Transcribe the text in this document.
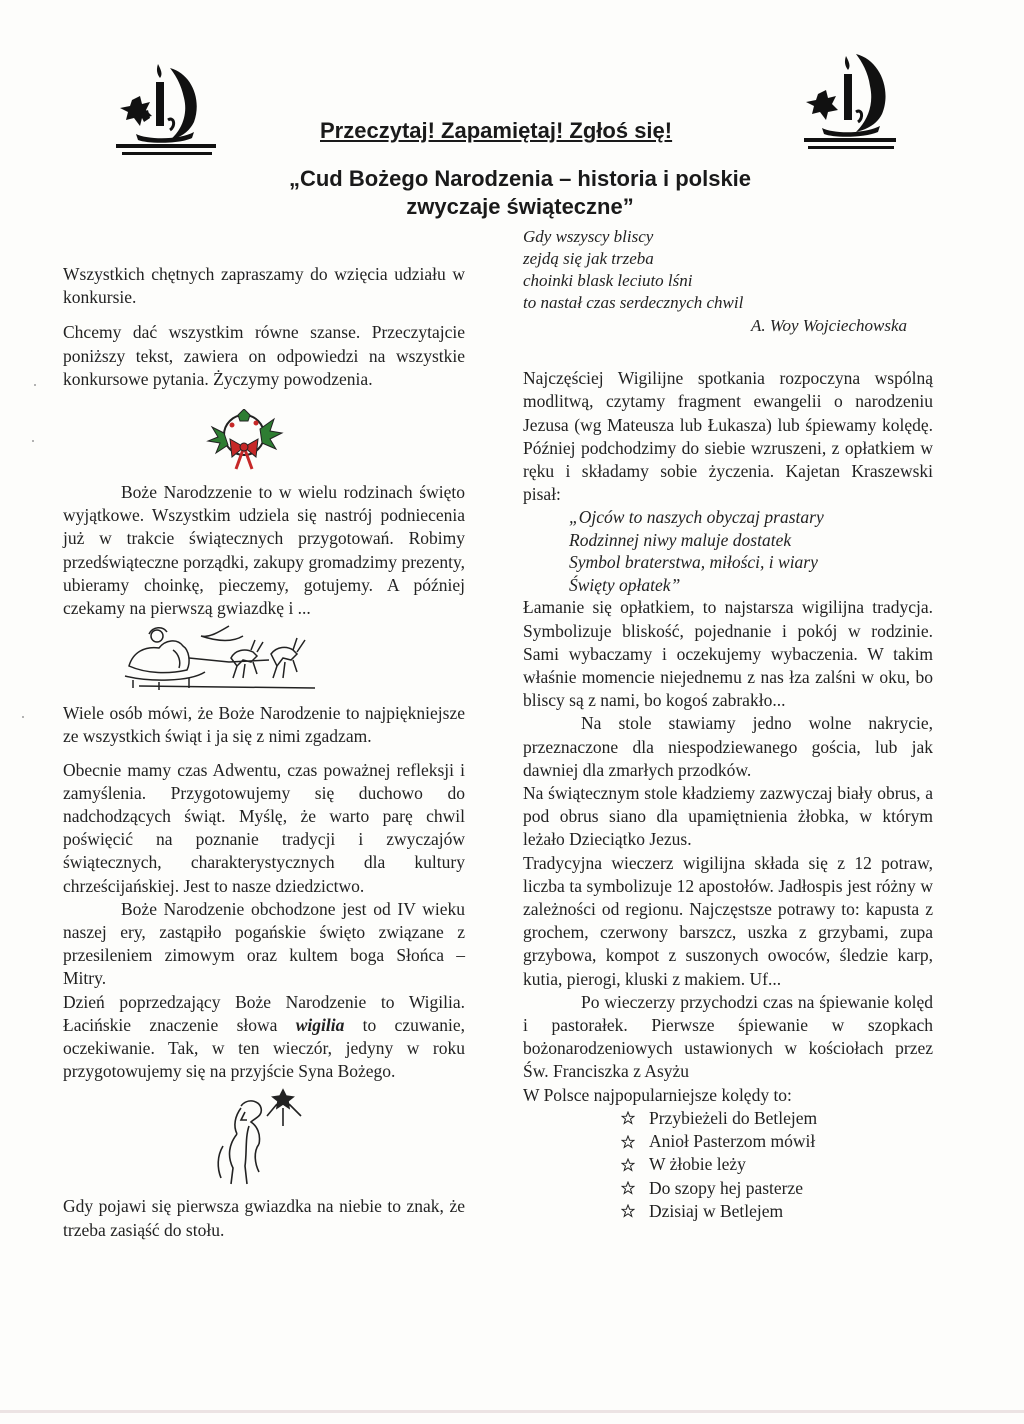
Przeczytaj! Zapamiętaj! Zgłoś się!
„Cud Bożego Narodzenia – historia i polskie
zwyczaje świąteczne”

Wszystkich chętnych zapraszamy do wzięcia udziału w konkursie.

Chcemy dać wszystkim równe szanse. Przeczytajcie poniższy tekst, zawiera on odpowiedzi na wszystkie konkursowe pytania. Życzymy powodzenia.

Boże Narodzzenie to w wielu rodzinach święto wyjątkowe. Wszystkim udziela się nastrój podniecenia już w trakcie świątecznych przygotowań. Robimy przedświąteczne porządki, zakupy gromadzimy prezenty, ubieramy choinkę, pieczemy, gotujemy. A później czekamy na pierwszą gwiazdkę i ...

Wiele osób mówi, że Boże Narodzenie to najpiękniejsze ze wszystkich świąt i ja się z nimi zgadzam.

Obecnie mamy czas Adwentu, czas poważnej refleksji i zamyślenia. Przygotowujemy się duchowo do nadchodzących świąt. Myślę, że warto parę chwil poświęcić na poznanie tradycji i zwyczajów świątecznych, charakterystycznych dla kultury chrześcijańskiej. Jest to nasze dziedzictwo.

Boże Narodzenie obchodzone jest od IV wieku naszej ery, zastąpiło pogańskie święto związane z przesileniem zimowym oraz kultem boga Słońca – Mitry.

Dzień poprzedzający Boże Narodzenie to Wigilia. Łacińskie znaczenie słowa wigilia to czuwanie, oczekiwanie. Tak, w ten wieczór, jedyny w roku przygotowujemy się na przyjście Syna Bożego.

Gdy pojawi się pierwsza gwiazdka na niebie to znak, że trzeba zasiąść do stołu.

Gdy wszyscy bliscy
zejdą się jak trzeba
choinki blask leciuto lśni
to nastał czas serdecznych chwil
A. Woy Wojciechowska

Najczęściej Wigilijne spotkania rozpoczyna wspólną modlitwą, czytamy fragment ewangelii o narodzeniu Jezusa (wg Mateusza lub Łukasza) lub śpiewamy kolędę. Później podchodzimy do siebie wzruszeni, z opłatkiem w ręku i składamy sobie życzenia. Kajetan Kraszewski pisał:

„Ojców to naszych obyczaj prastary
Rodzinnej niwy maluje dostatek
Symbol braterstwa, miłości, i wiary
Święty opłatek”

Łamanie się opłatkiem, to najstarsza wigilijna tradycja. Symbolizuje bliskość, pojednanie i pokój w rodzinie. Sami wybaczamy i oczekujemy wybaczenia. W takim właśnie momencie niejednemu z nas łza zalśni w oku, bo bliscy są z nami, bo kogoś zabrakło...

Na stole stawiamy jedno wolne nakrycie, przeznaczone dla niespodziewanego gościa, lub jak dawniej dla zmarłych przodków.

Na świątecznym stole kładziemy zazwyczaj biały obrus, a pod obrus siano dla upamiętnienia żłobka, w którym leżało Dzieciątko Jezus.

Tradycyjna wieczerz wigilijna składa się z 12 potraw, liczba ta symbolizuje 12 apostołów. Jadłospis jest różny w zależności od regionu. Najczęstsze potrawy to: kapusta z grochem, czerwony barszcz, uszka z grzybami, zupa grzybowa, kompot z suszonych owoców, śledzie karp, kutia, pierogi, kluski z makiem. Uf...

Po wieczerzy przychodzi czas na śpiewanie kolęd i pastorałek. Pierwsze śpiewanie w szopkach bożonarodzeniowych ustawionych w kościołach przez Św. Franciszka z Asyżu

W Polsce najpopularniejsze kolędy to:

Przybieżeli do Betlejem
Anioł Pasterzom mówił
W żłobie leży
Do szopy hej pasterze
Dzisiaj w Betlejem
